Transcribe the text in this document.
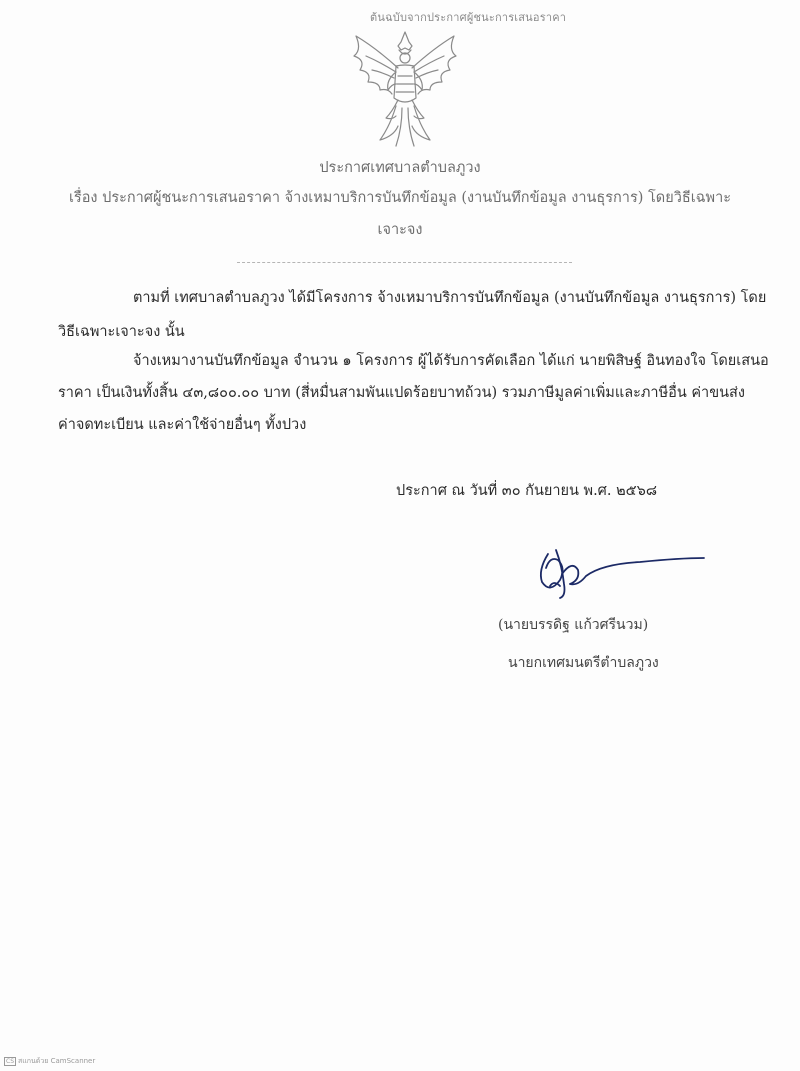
ต้นฉบับจากประกาศผู้ชนะการเสนอราคา
ประกาศเทศบาลตำบลภูวง
เรื่อง ประกาศผู้ชนะการเสนอราคา จ้างเหมาบริการบันทึกข้อมูล (งานบันทึกข้อมูล งานธุรการ) โดยวิธีเฉพาะ
เจาะจง
ตามที่ เทศบาลตำบลภูวง ได้มีโครงการ จ้างเหมาบริการบันทึกข้อมูล (งานบันทึกข้อมูล งานธุรการ) โดย
วิธีเฉพาะเจาะจง นั้น
จ้างเหมางานบันทึกข้อมูล จำนวน ๑ โครงการ ผู้ได้รับการคัดเลือก ได้แก่ นายพิสิษฐ์ อินทองใจ โดยเสนอ
ราคา เป็นเงินทั้งสิ้น ๔๓,๘๐๐.๐๐ บาท (สี่หมื่นสามพันแปดร้อยบาทถ้วน) รวมภาษีมูลค่าเพิ่มและภาษีอื่น ค่าขนส่ง
ค่าจดทะเบียน และค่าใช้จ่ายอื่นๆ ทั้งปวง
ประกาศ ณ วันที่ ๓๐ กันยายน พ.ศ. ๒๕๖๘
(นายบรรดิฐ แก้วศรีนวม)
นายกเทศมนตรีตำบลภูวง
CS สแกนด้วย CamScanner
